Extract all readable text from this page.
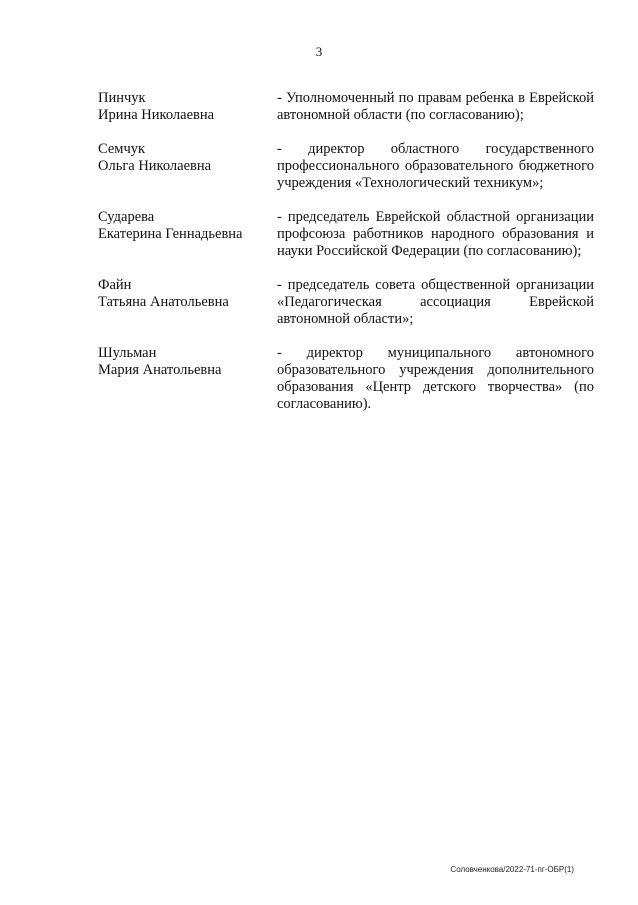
3
Пинчук
Ирина Николаевна
- Уполномоченный по правам ребенка в Еврейской автономной области (по согласованию);
Семчук
Ольга Николаевна
- директор областного государственного профессионального образовательного бюджетного учреждения «Технологический техникум»;
Сударева
Екатерина Геннадьевна
- председатель Еврейской областной организации профсоюза работников народного образования и науки Российской Федерации (по согласованию);
Файн
Татьяна Анатольевна
- председатель совета общественной организации «Педагогическая ассоциация Еврейской автономной области»;
Шульман
Мария Анатольевна
- директор муниципального автономного образовательного учреждения дополнительного образования «Центр детского творчества» (по согласованию).
Соловченкова/2022-71-пг-ОБР(1)
